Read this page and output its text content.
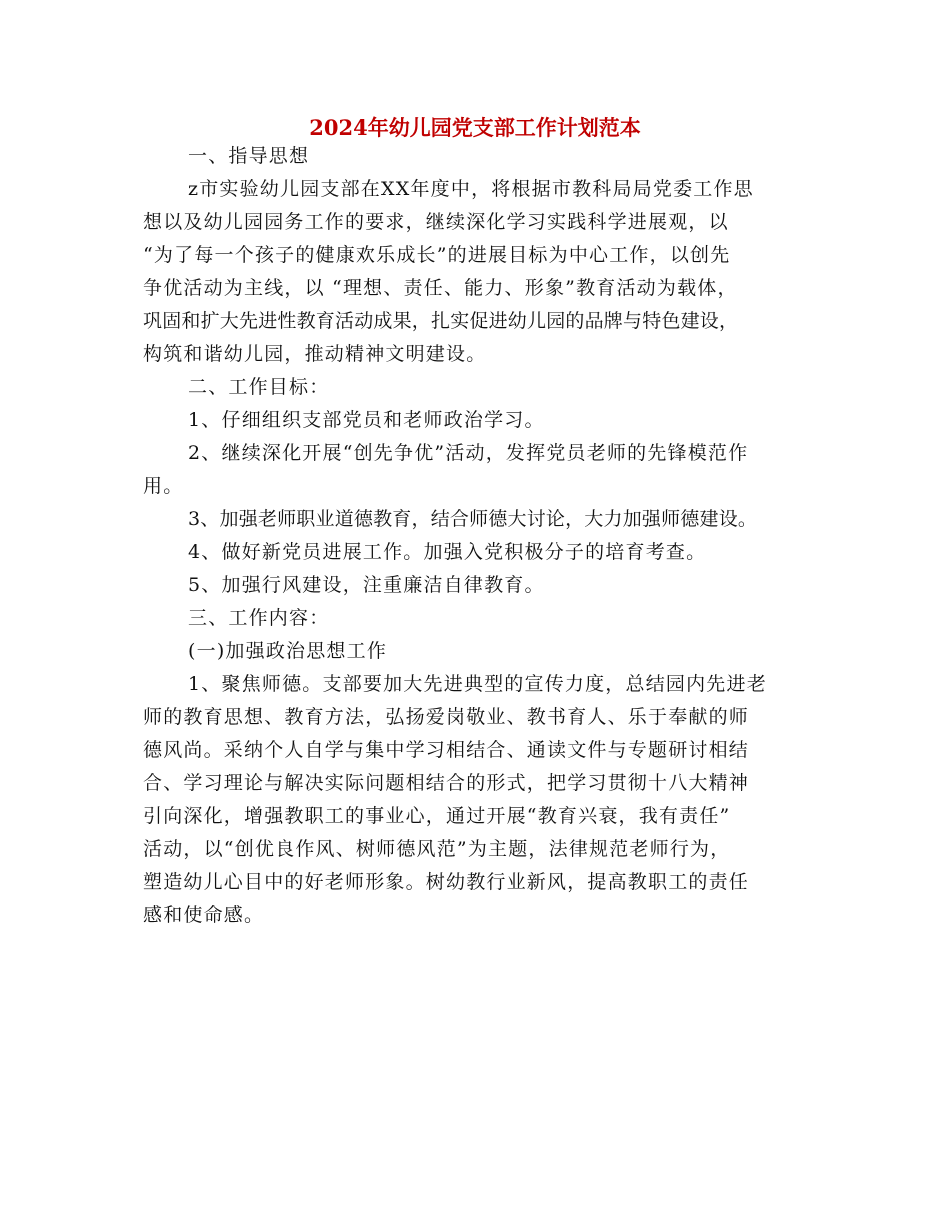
2024年幼儿园党支部工作计划范本
一、指导思想
z市实验幼儿园支部在XX年度中，将根据市教科局局党委工作思
想以及幼儿园园务工作的要求，继续深化学习实践科学进展观，以
“为了每一个孩子的健康欢乐成长”的进展目标为中心工作，以创先
争优活动为主线，以 “理想、责任、能力、形象”教育活动为载体，
巩固和扩大先进性教育活动成果，扎实促进幼儿园的品牌与特色建设，
构筑和谐幼儿园，推动精神文明建设。
二、工作目标：
1、仔细组织支部党员和老师政治学习。
2、继续深化开展“创先争优”活动，发挥党员老师的先锋模范作
用。
3、加强老师职业道德教育，结合师德大讨论，大力加强师德建设。
4、做好新党员进展工作。加强入党积极分子的培育考查。
5、加强行风建设，注重廉洁自律教育。
三、工作内容：
(一)加强政治思想工作
1、聚焦师德。支部要加大先进典型的宣传力度，总结园内先进老
师的教育思想、教育方法，弘扬爱岗敬业、教书育人、乐于奉献的师
德风尚。采纳个人自学与集中学习相结合、通读文件与专题研讨相结
合、学习理论与解决实际问题相结合的形式，把学习贯彻十八大精神
引向深化，增强教职工的事业心，通过开展“教育兴衰，我有责任”
活动，以“创优良作风、树师德风范”为主题，法律规范老师行为，
塑造幼儿心目中的好老师形象。树幼教行业新风，提高教职工的责任
感和使命感。
